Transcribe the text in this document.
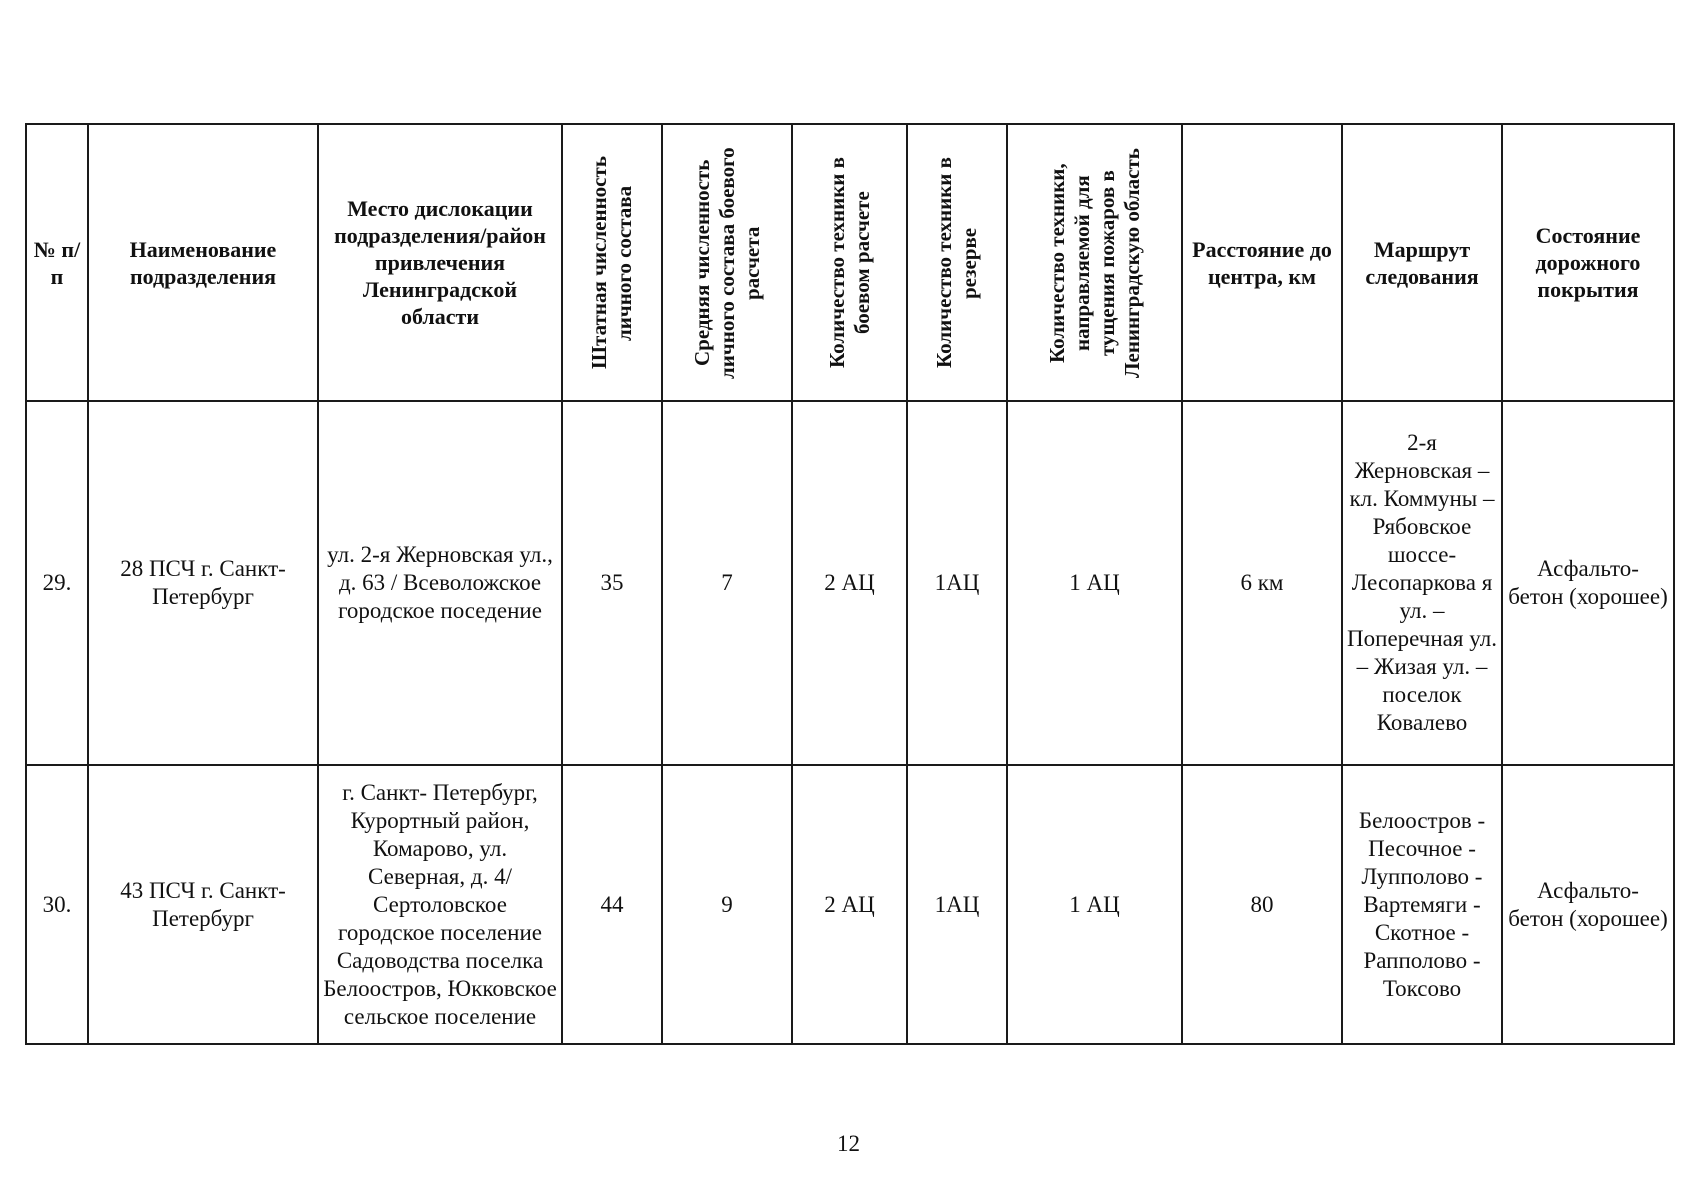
№ п/п	Наименование подразделения	Место дислокации подразделения/район привлечения Ленинградской области	Штатная численность личного состава	Средняя численность личного состава боевого расчета	Количество техники в боевом расчете	Количество техники в резерве	Количество техники, направляемой для тущения пожаров в Ленинградскую область	Расстояние до центра, км	Маршрут следования	Состояние дорожного покрытия
29.	28 ПСЧ г. Санкт- Петербург	ул. 2-я Жерновская ул., д. 63 / Всеволожское городское поседение	35	7	2 АЦ	1АЦ	1 АЦ	6 км	2-я Жерновская –кл. Коммуны – Рябовское шоссе- Лесопаркова я ул. – Поперечная ул. – Жизая ул. – поселок Ковалево	Асфальто- бетон (хорошее)
30.	43 ПСЧ г. Санкт- Петербург	г. Санкт- Петербург, Курортный район, Комарово, ул. Северная, д. 4/ Сертоловское городское поселение Садоводства поселка Белоостров, Юкковское сельское поселение	44	9	2 АЦ	1АЦ	1 АЦ	80	Белоостров - Песочное - Лупполово - Вартемяги - Скотное - Рапполово - Токсово	Асфальто- бетон (хорошее)
12
